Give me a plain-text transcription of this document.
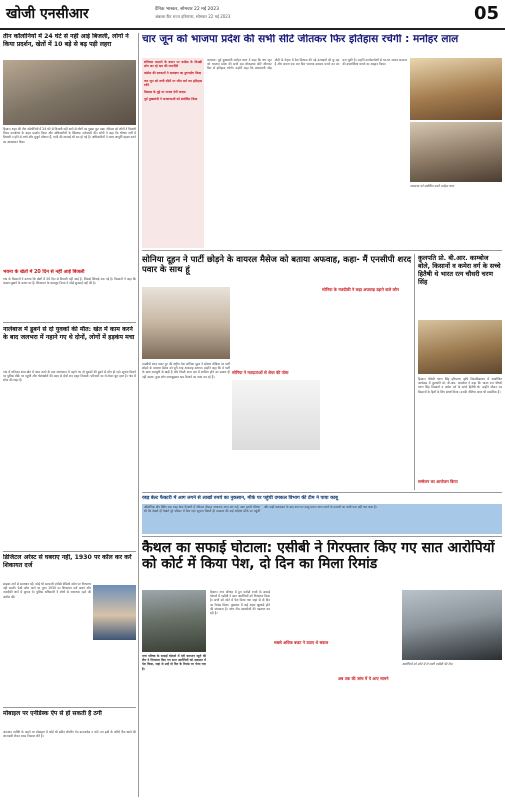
खोजी एनसीआर	दैनिक भास्कर, सोमवार 22 मई 2023
अंबाला कैंट राज्य हरियाणा, सोमवार 22 मई 2023	05
तीन कॉलोनियों में 24 घंटे से नहीं आई बिजली, लोगों ने किया प्रदर्शन, खेतों में 10 बड़े से बढ़ पड़ी लहरा
हिसार। शहर की तीन कॉलोनियों में 24 घंटे से बिजली नहीं आने से लोगों का गुस्सा फूट पड़ा। रविवार को लोगों ने बिजली निगम कार्यालय के बाहर प्रदर्शन किया और अधिकारियों के खिलाफ नारेबाजी की। लोगों ने कहा कि भीषण गर्मी में बिजली न होने से बच्चे और बुजुर्ग परेशान हैं, पानी की सप्लाई भी ठप हो गई है। अधिकारियों ने जल्द आपूर्ति बहाल करने का आश्वासन दिया।
भवना के खेतों में 20 दिन से नहीं आई बिजली
गांव के किसानों ने बताया कि खेतों में 20 दिन से बिजली नहीं आई है, जिससे सिंचाई रुक गई है। किसानों ने कहा कि फसल सूखने के कगार पर है। शिकायत के बावजूद निगम ने कोई सुनवाई नहीं की है।
नालेबाज में डूबने से दो युवकों की मौत: खेत में काम करने के बाद जलभरा में नहाने गए थे दोनों, लोगों में हड़कंप मचा
गांव में शनिवार शाम खेत में काम करने के बाद जलभराव में नहाने गए दो युवकों की डूबने से मौत हो गई। सूचना मिलने पर पुलिस मौके पर पहुंची और गोताखोरों की मदद से दोनों शव बाहर निकाले। परिजनों का रो-रोकर बुरा हाल है। गांव में शोक की लहर है।
डिजिटल अरेस्ट से घबराए नहीं, 1930 पर कॉल कर करें शिकायत दर्ज
साइबर ठगों से सावधान रहें। कोई भी सरकारी एजेंसी वीडियो कॉल पर गिरफ्तार नहीं करती। ऐसी कॉल आने पर तुरंत 1930 पर शिकायत दर्ज कराएं और नजदीकी थाने में सूचना दें। पुलिस अधिकारी ने लोगों से जागरूक रहने की अपील की।
मोबाइल पर एनीडेस्क ऐप से हो सकती है ठगी
अनजान व्यक्ति के कहने पर मोबाइल में कोई भी स्क्रीन शेयरिंग ऐप डाउनलोड न करें। ठग इसी के जरिये बैंक खाते की जानकारी लेकर रकम निकाल लेते हैं।
चार जून को भाजपा प्रदेश की सभी सीटें जीतकर फिर इतिहास रचेगी : मनोहर लाल
संविधान बदलने के बयान पर कांग्रेस के विपक्षी लोग कर रहे भ्रम की राजनीति
कांग्रेस की सरकारों ने आरक्षण का दुरुपयोग किया
चार जून को सभी सीटों पर जीत दर्ज कर इतिहास रचेंगे
विकास के मुद्दे पर जनता देगी जवाब
पूर्व मुख्यमंत्री ने जनसभाओं को संबोधित किया
करनाल। पूर्व मुख्यमंत्री मनोहर लाल ने कहा कि चार जून को भाजपा प्रदेश की सभी दस लोकसभा सीटें जीतकर फिर से इतिहास रचेगी। उन्होंने कहा कि प्रधानमंत्री नरेंद्र मोदी के नेतृत्व में देश विकास की नई ऊंचाइयों को छू रहा है और जनता एक बार फिर भाजपा सरकार बनाने का मन बना चुकी है। उन्होंने कार्यकर्ताओं से घर-घर जाकर सरकार की उपलब्धियां बताने का आह्वान किया।
जनसभा को संबोधित करते मनोहर लाल
सोनिया दूहन ने पार्टी छोड़ने के वायरल मैसेज को बताया अफवाह, कहा- मैं एनसीपी शरद पवार के साथ हूं
एनसीपी शरद पवार गुट की राष्ट्रीय नेता सोनिया दूहन ने सोशल मीडिया पर पार्टी छोड़ने के वायरल मैसेज को पूरी तरह अफवाह बताया। उन्होंने कहा कि वे पार्टी के साथ मजबूती से खड़ी हैं और किसी अन्य दल में शामिल होने का सवाल ही नहीं उठता। कुछ लोग जानबूझकर भ्रम फैलाने का काम कर रहे हैं।
सोनिया ने मतदाताओं से शेयर की पोस्ट
सोनिया के नजदीकी ने कहा अफवाह उड़ाने वाले कौन
कुलपति प्रो. बी.आर. काम्बोज बोले, किसानों व कमेरा वर्ग के सच्चे हितैषी थे भारत रत्न चौधरी चरण सिंह
हिसार। चौधरी चरण सिंह हरियाणा कृषि विश्वविद्यालय में आयोजित कार्यक्रम में कुलपति प्रो. बी.आर. काम्बोज ने कहा कि भारत रत्न चौधरी चरण सिंह किसानों व कमेरा वर्ग के सच्चे हितैषी थे। उन्होंने जीवन भर किसानों के हितों के लिए संघर्ष किया। उनकी नीतियां आज भी प्रासंगिक हैं।
सम्मेलन का आयोजन किया
रबड़ बेल्ट फैक्टरी में आग लगने से लाखों रुपये का नुकसान, मौके पर पहुंची दमकल विभाग की टीम ने पाया काबू
औद्योगिक क्षेत्र स्थित एक रबड़ बेल्ट फैक्टरी में रविवार दोपहर अचानक आग लग गई। आग इतनी भीषण थी कि देखते ही देखते पूरे परिसर में फैल गई। सूचना मिलते ही दमकल की कई गाड़ियां मौके पर पहुंचीं और कड़ी मशक्कत के बाद आग पर काबू पाया। आग लगने के कारणों का अभी पता नहीं चल पाया है।
कैथल का सफाई घोटाला: एसीबी ने गिरफ्तार किए गए सात आरोपियों को कोर्ट में किया पेश, दो दिन का मिला रिमांड
नगर परिषद के सफाई घोटाले में एंटी करप्शन ब्यूरो की टीम ने गिरफ्तार किए गए सात आरोपियों को अदालत में पेश किया, जहां से उन्हें दो दिन के रिमांड पर भेजा गया है।
कैथल। नगर परिषद में हुए करोड़ों रुपये के सफाई घोटाले में एसीबी ने सात आरोपियों को गिरफ्तार किया है। सभी को कोर्ट में पेश किया गया जहां से दो दिन का रिमांड मिला। पूछताछ में कई अहम खुलासे होने की संभावना है। जांच टीम दस्तावेजों की पड़ताल कर रही है।
सबसे अधिक बजट ने उठाए थे सवाल
अब तक की जांच में ये आए सामने
आरोपियों को कोर्ट में ले जाती एसीबी की टीम
